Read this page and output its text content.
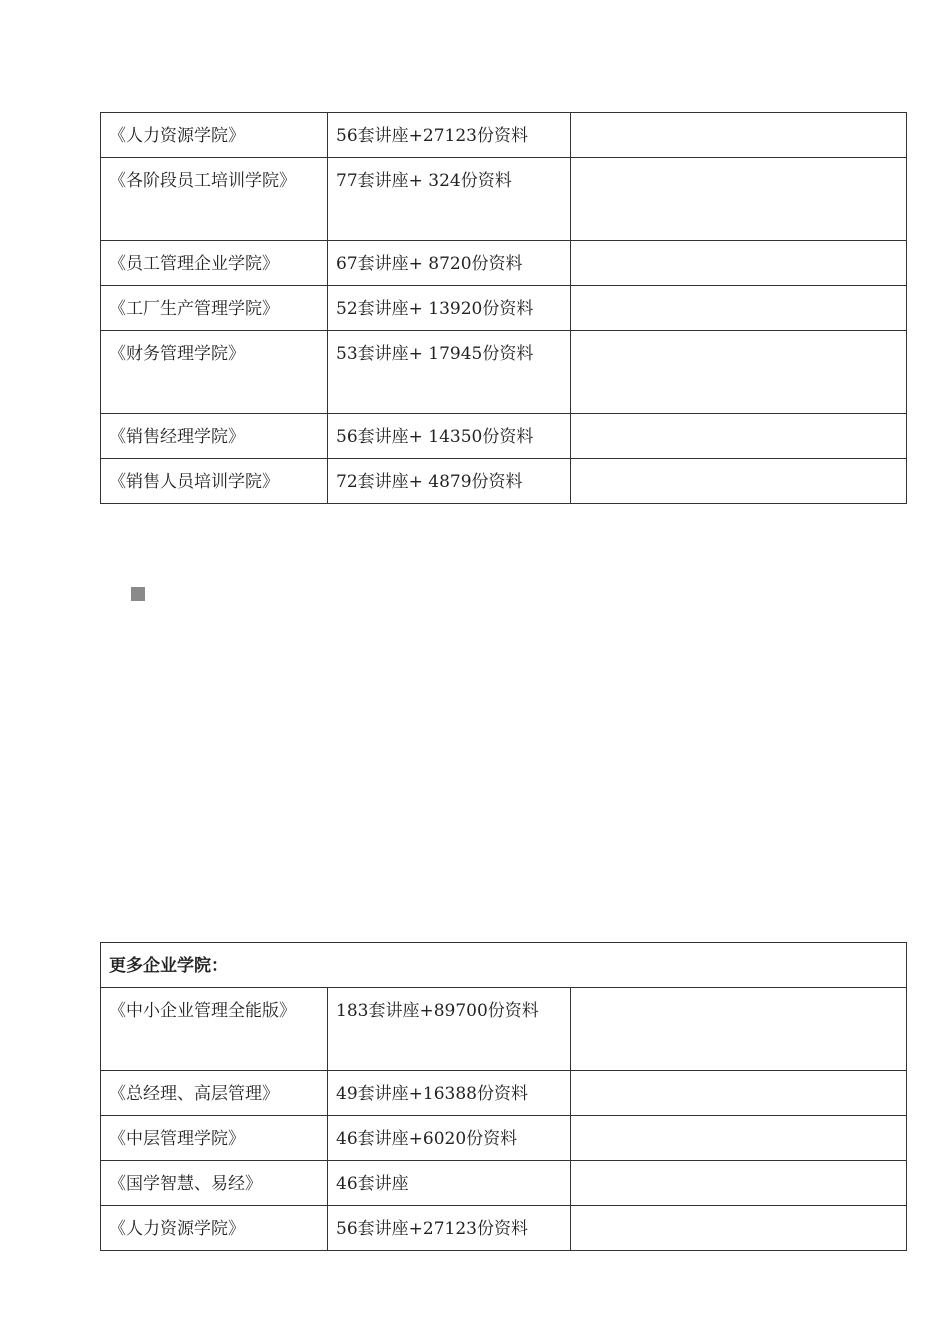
《人力资源学院》	56套讲座+27123份资料	
《各阶段员工培训学院》	77套讲座+ 324份资料	
《员工管理企业学院》	67套讲座+ 8720份资料	
《工厂生产管理学院》	52套讲座+ 13920份资料	
《财务管理学院》	53套讲座+ 17945份资料	
《销售经理学院》	56套讲座+ 14350份资料	
《销售人员培训学院》	72套讲座+ 4879份资料	
更多企业学院：		
《中小企业管理全能版》	183套讲座+89700份资料	
《总经理、高层管理》	49套讲座+16388份资料	
《中层管理学院》	46套讲座+6020份资料	
《国学智慧、易经》	46套讲座	
《人力资源学院》	56套讲座+27123份资料	
